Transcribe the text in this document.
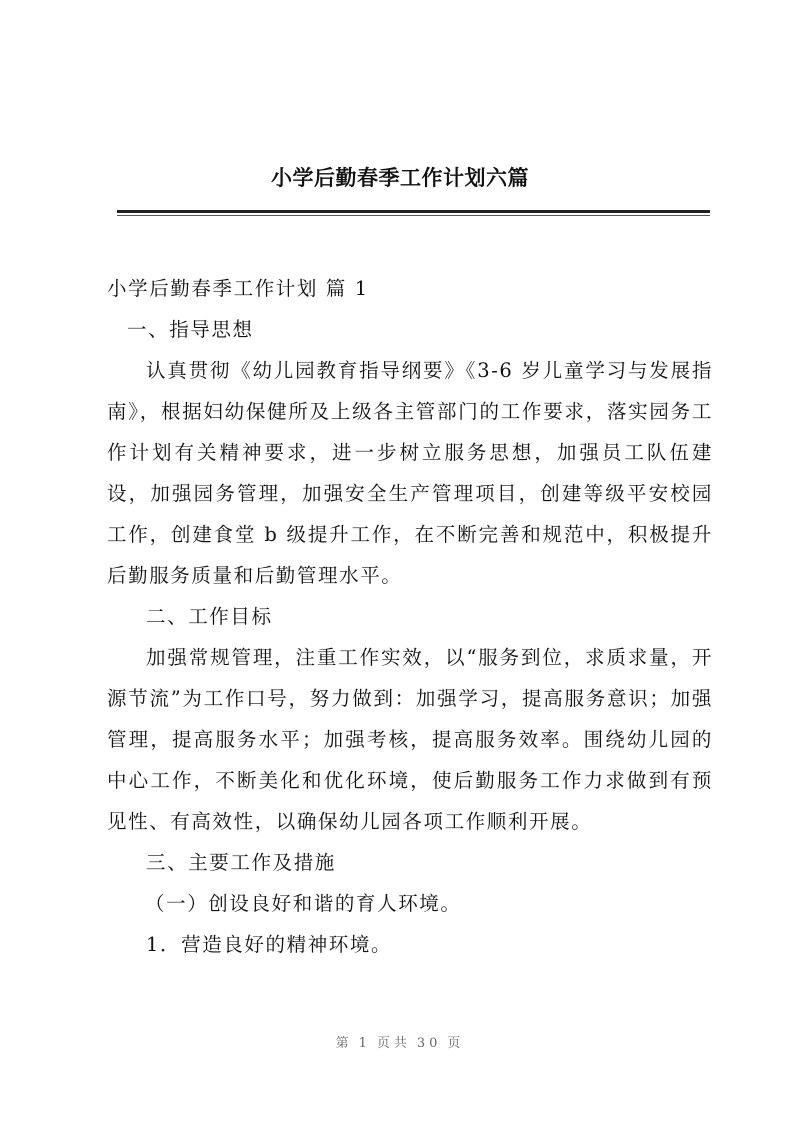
小学后勤春季工作计划六篇

小学后勤春季工作计划 篇 1

一、指导思想

认真贯彻《幼儿园教育指导纲要》《3-6 岁儿童学习与发展指南》，根据妇幼保健所及上级各主管部门的工作要求，落实园务工作计划有关精神要求，进一步树立服务思想，加强员工队伍建设，加强园务管理，加强安全生产管理项目，创建等级平安校园工作，创建食堂 b 级提升工作，在不断完善和规范中，积极提升后勤服务质量和后勤管理水平。

二、工作目标

加强常规管理，注重工作实效，以“服务到位，求质求量，开源节流”为工作口号，努力做到：加强学习，提高服务意识；加强管理，提高服务水平；加强考核，提高服务效率。围绕幼儿园的中心工作，不断美化和优化环境，使后勤服务工作力求做到有预见性、有高效性，以确保幼儿园各项工作顺利开展。

三、主要工作及措施

（一）创设良好和谐的育人环境。

1．营造良好的精神环境。

第 1 页共 30 页
